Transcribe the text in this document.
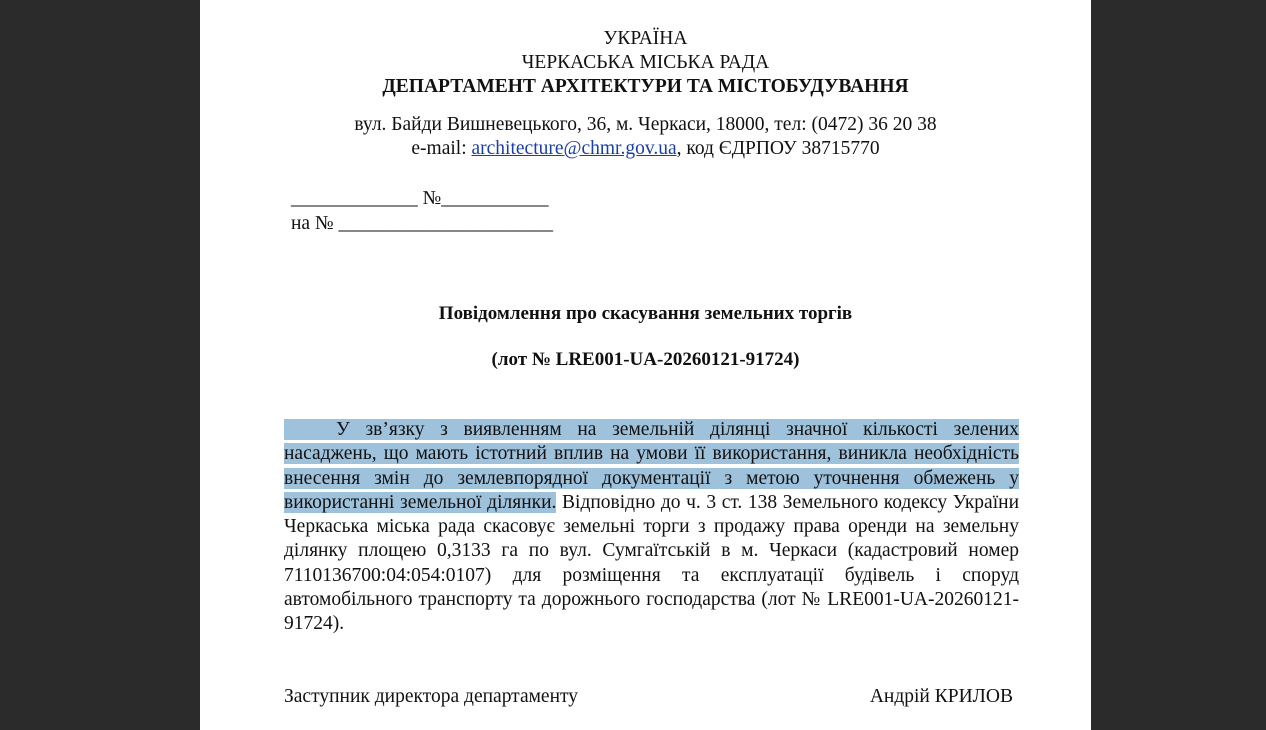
УКРАЇНА
ЧЕРКАСЬКА МІСЬКА РАДА
ДЕПАРТАМЕНТ АРХІТЕКТУРИ ТА МІСТОБУДУВАННЯ
вул. Байди Вишневецького, 36, м. Черкаси, 18000, тел: (0472) 36 20 38
e-mail: architecture@chmr.gov.ua, код ЄДРПОУ 38715770
_____________ №___________
на № ______________________
Повідомлення про скасування земельних торгів
(лот № LRE001-UA-20260121-91724)
У зв’язку з виявленням на земельній ділянці значної кількості зелених насаджень, що мають істотний вплив на умови її використання, виникла необхідність внесення змін до землевпорядної документації з метою уточнення обмежень у використанні земельної ділянки. Відповідно до ч. 3 ст. 138 Земельного кодексу України Черкаська міська рада скасовує земельні торги з продажу права оренди на земельну ділянку площею 0,3133 га по вул. Сумгаїтській в м. Черкаси (кадастровий номер 7110136700:04:054:0107) для розміщення та експлуатації будівель і споруд автомобільного транспорту та дорожнього господарства (лот № LRE001-UA-20260121-91724).
Заступник директора департаменту	Андрій КРИЛОВ
